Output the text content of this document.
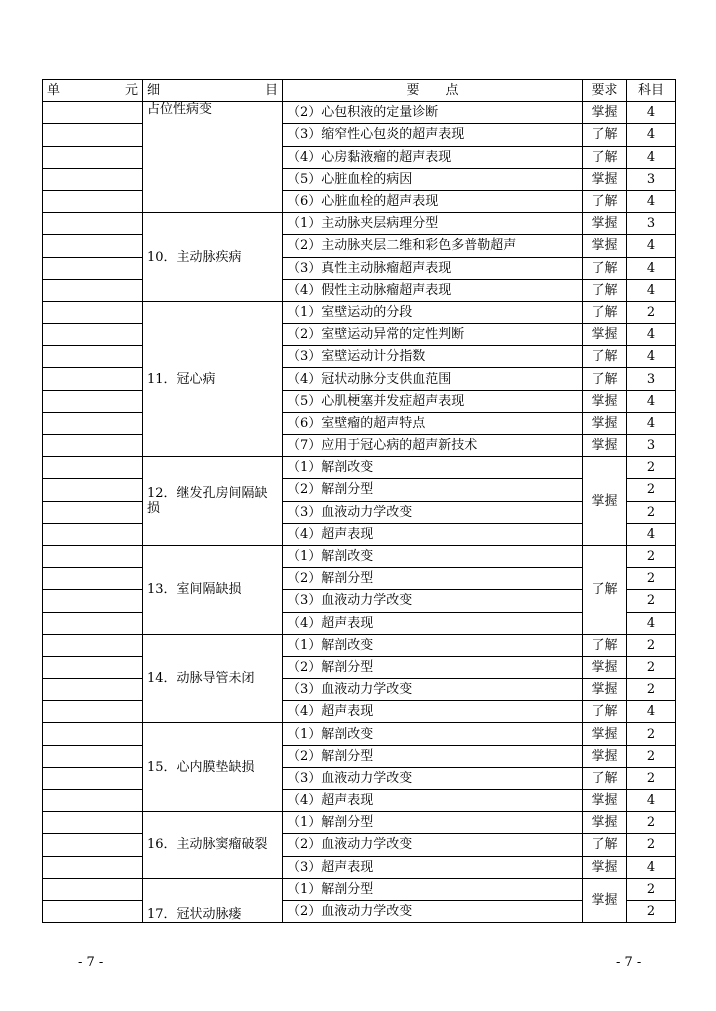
单　　元	细　　目	要　　点	要求	科目
	占位性病变	（2）心包积液的定量诊断	掌握	4
		（3）缩窄性心包炎的超声表现	了解	4
		（4）心房黏液瘤的超声表现	了解	4
		（5）心脏血栓的病因	掌握	3
		（6）心脏血栓的超声表现	了解	4
	10．主动脉疾病	（1）主动脉夹层病理分型	掌握	3
		（2）主动脉夹层二维和彩色多普勒超声	掌握	4
		（3）真性主动脉瘤超声表现	了解	4
		（4）假性主动脉瘤超声表现	了解	4
	11．冠心病	（1）室壁运动的分段	了解	2
		（2）室壁运动异常的定性判断	掌握	4
		（3）室壁运动计分指数	了解	4
		（4）冠状动脉分支供血范围	了解	3
		（5）心肌梗塞并发症超声表现	掌握	4
		（6）室壁瘤的超声特点	掌握	4
		（7）应用于冠心病的超声新技术	掌握	3
	12．继发孔房间隔缺损	（1）解剖改变	掌握	2
		（2）解剖分型		2
		（3）血液动力学改变		2
		（4）超声表现		4
	13．室间隔缺损	（1）解剖改变	了解	2
		（2）解剖分型		2
		（3）血液动力学改变		2
		（4）超声表现		4
	14．动脉导管未闭	（1）解剖改变	了解	2
		（2）解剖分型	掌握	2
		（3）血液动力学改变	掌握	2
		（4）超声表现	了解	4
	15．心内膜垫缺损	（1）解剖改变	掌握	2
		（2）解剖分型	掌握	2
		（3）血液动力学改变	了解	2
		（4）超声表现	掌握	4
	16．主动脉窦瘤破裂	（1）解剖分型	掌握	2
		（2）血液动力学改变	了解	2
		（3）超声表现	掌握	4
	17．冠状动脉瘘	（1）解剖分型	掌握	2
		（2）血液动力学改变		2
- 7 -	- 7 -
